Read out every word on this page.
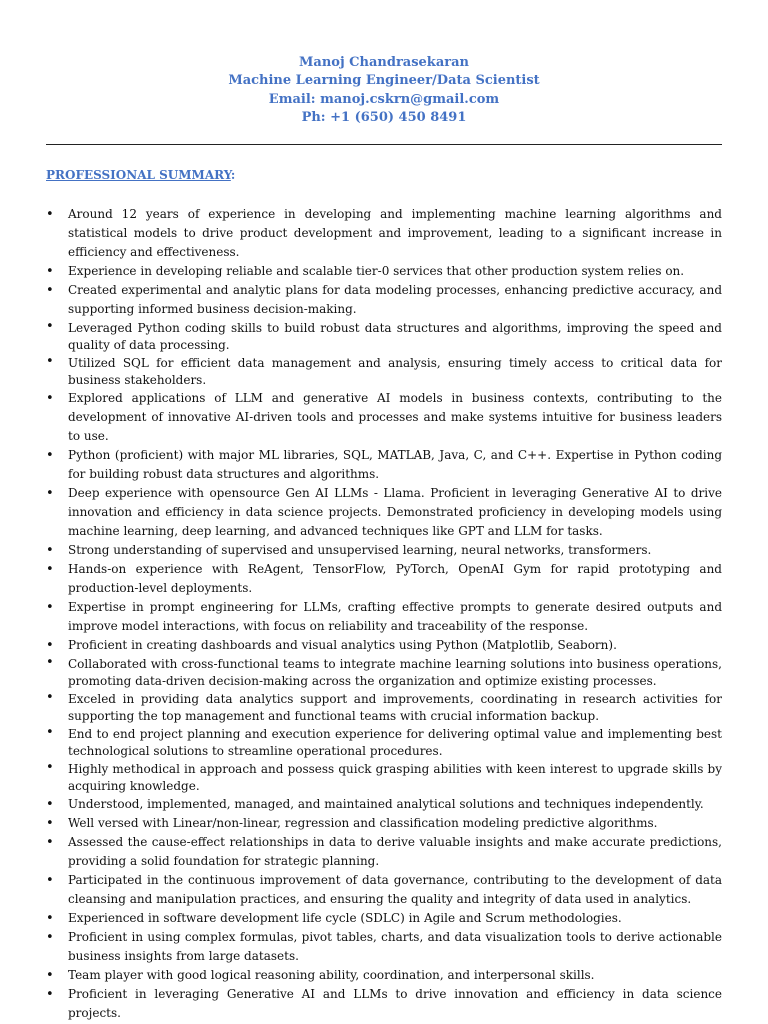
Manoj Chandrasekaran
Machine Learning Engineer/Data Scientist
Email: manoj.cskrn@gmail.com
Ph: +1 (650) 450 8491
PROFESSIONAL SUMMARY:
• Around 12 years of experience in developing and implementing machine learning algorithms and statistical models to drive product development and improvement, leading to a significant increase in efficiency and effectiveness.
• Experience in developing reliable and scalable tier-0 services that other production system relies on.
• Created experimental and analytic plans for data modeling processes, enhancing predictive accuracy, and supporting informed business decision-making.
• Leveraged Python coding skills to build robust data structures and algorithms, improving the speed and quality of data processing.
• Utilized SQL for efficient data management and analysis, ensuring timely access to critical data for business stakeholders.
• Explored applications of LLM and generative AI models in business contexts, contributing to the development of innovative AI-driven tools and processes and make systems intuitive for business leaders to use.
• Python (proficient) with major ML libraries, SQL, MATLAB, Java, C, and C++. Expertise in Python coding for building robust data structures and algorithms.
• Deep experience with opensource Gen AI LLMs - Llama. Proficient in leveraging Generative AI to drive innovation and efficiency in data science projects. Demonstrated proficiency in developing models using machine learning, deep learning, and advanced techniques like GPT and LLM for tasks.
• Strong understanding of supervised and unsupervised learning, neural networks, transformers.
• Hands-on experience with ReAgent, TensorFlow, PyTorch, OpenAI Gym for rapid prototyping and production-level deployments.
• Expertise in prompt engineering for LLMs, crafting effective prompts to generate desired outputs and improve model interactions, with focus on reliability and traceability of the response.
• Proficient in creating dashboards and visual analytics using Python (Matplotlib, Seaborn).
• Collaborated with cross-functional teams to integrate machine learning solutions into business operations, promoting data-driven decision-making across the organization and optimize existing processes.
• Exceled in providing data analytics support and improvements, coordinating in research activities for supporting the top management and functional teams with crucial information backup.
• End to end project planning and execution experience for delivering optimal value and implementing best technological solutions to streamline operational procedures.
• Highly methodical in approach and possess quick grasping abilities with keen interest to upgrade skills by acquiring knowledge.
• Understood, implemented, managed, and maintained analytical solutions and techniques independently.
• Well versed with Linear/non-linear, regression and classification modeling predictive algorithms.
• Assessed the cause-effect relationships in data to derive valuable insights and make accurate predictions, providing a solid foundation for strategic planning.
• Participated in the continuous improvement of data governance, contributing to the development of data cleansing and manipulation practices, and ensuring the quality and integrity of data used in analytics.
• Experienced in software development life cycle (SDLC) in Agile and Scrum methodologies.
• Proficient in using complex formulas, pivot tables, charts, and data visualization tools to derive actionable business insights from large datasets.
• Team player with good logical reasoning ability, coordination, and interpersonal skills.
• Proficient in leveraging Generative AI and LLMs to drive innovation and efficiency in data science projects.
